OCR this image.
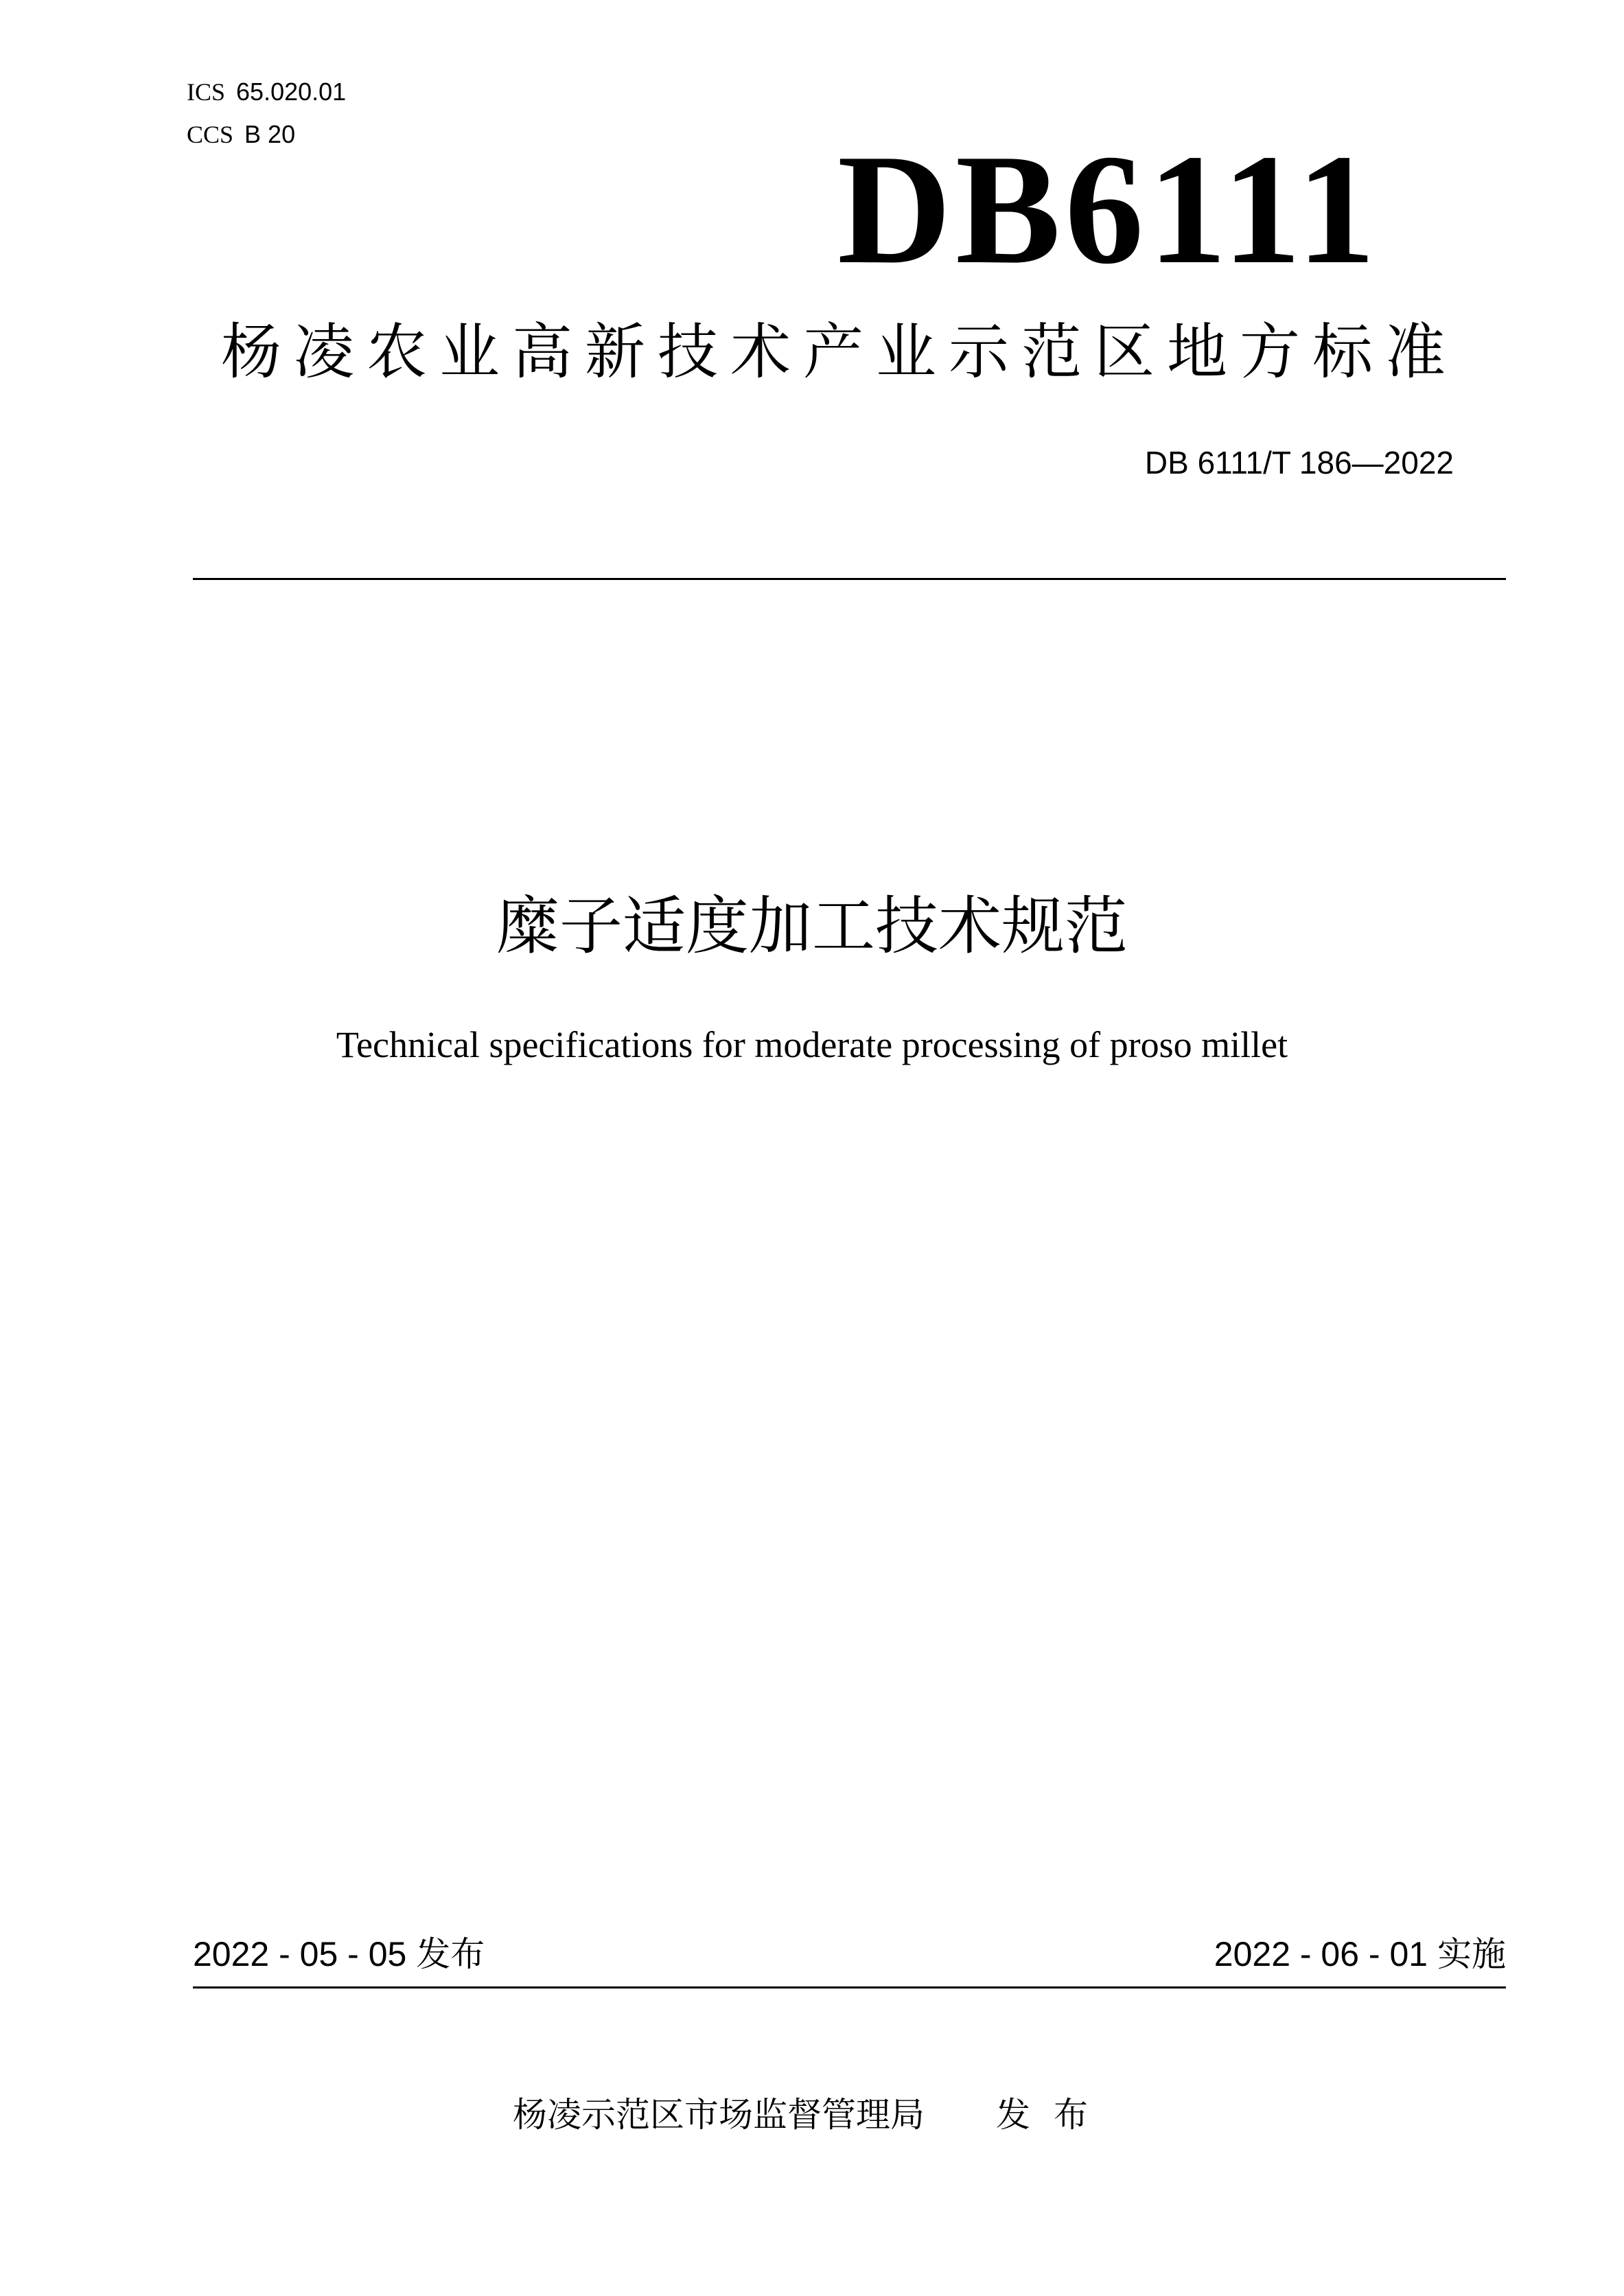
ICS 65.020.01
CCS B 20	DB6111
杨凌农业高新技术产业示范区地方标准
DB 6111/T 186—2022
糜子适度加工技术规范
Technical specifications for moderate processing of proso millet
2022 - 05 - 05 发布	2022 - 06 - 01 实施
杨凌示范区市场监督管理局 发布
